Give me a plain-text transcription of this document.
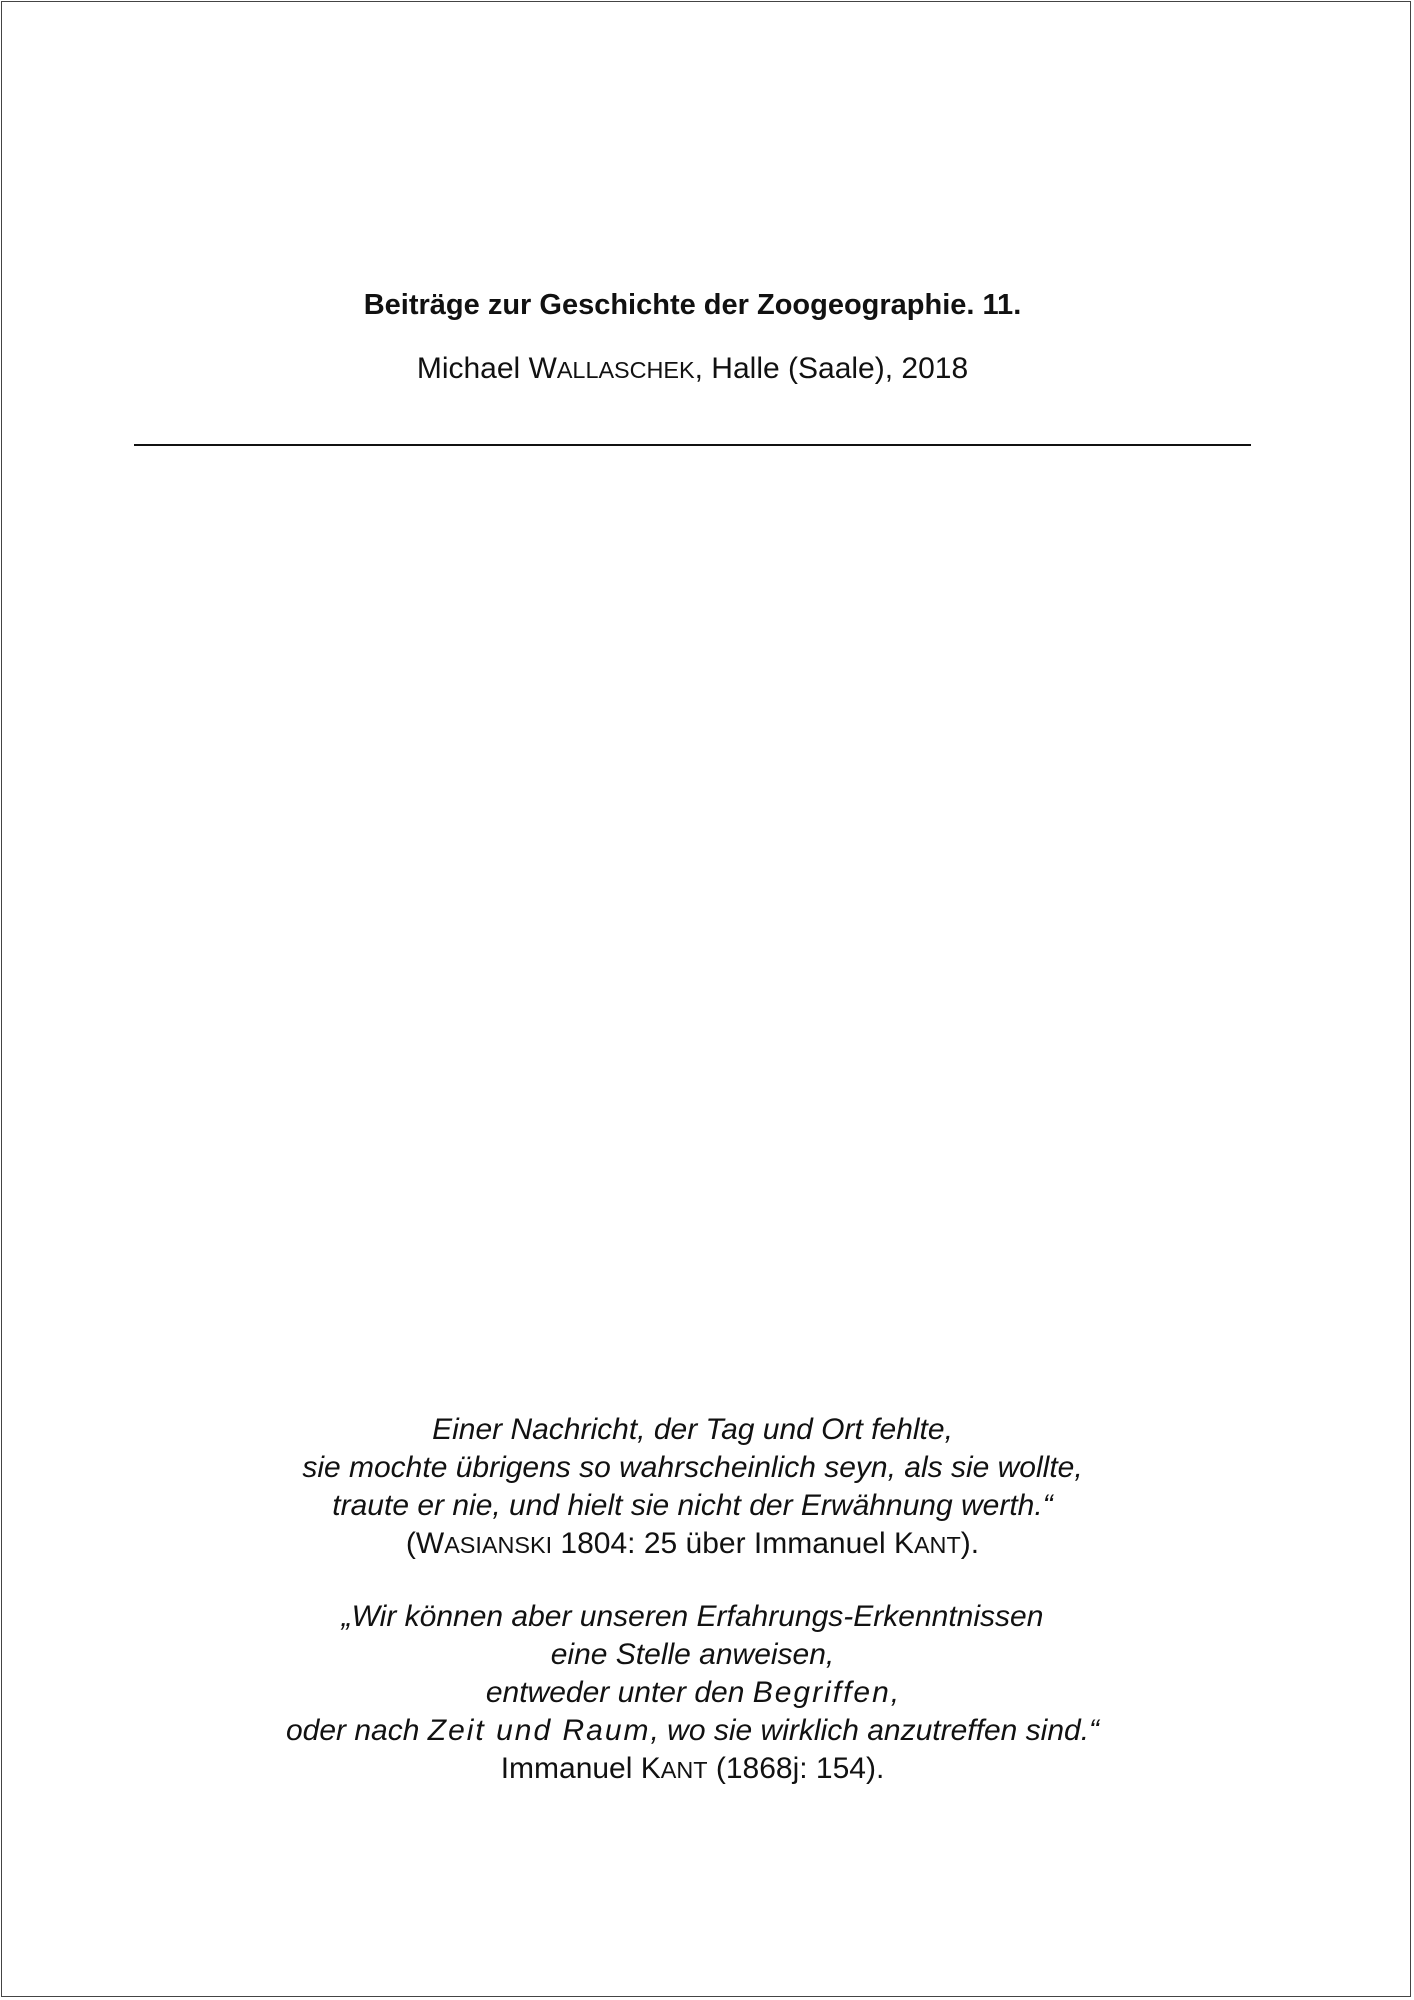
Beiträge zur Geschichte der Zoogeographie. 11.
Michael WALLASCHEK, Halle (Saale), 2018
Einer Nachricht, der Tag und Ort fehlte,
sie mochte übrigens so wahrscheinlich seyn, als sie wollte,
traute er nie, und hielt sie nicht der Erwähnung werth.“
(WASIANSKI 1804: 25 über Immanuel KANT).
„Wir können aber unseren Erfahrungs-Erkenntnissen
eine Stelle anweisen,
entweder unter den Begriffen,
oder nach Zeit und Raum, wo sie wirklich anzutreffen sind.“
Immanuel KANT (1868j: 154).
